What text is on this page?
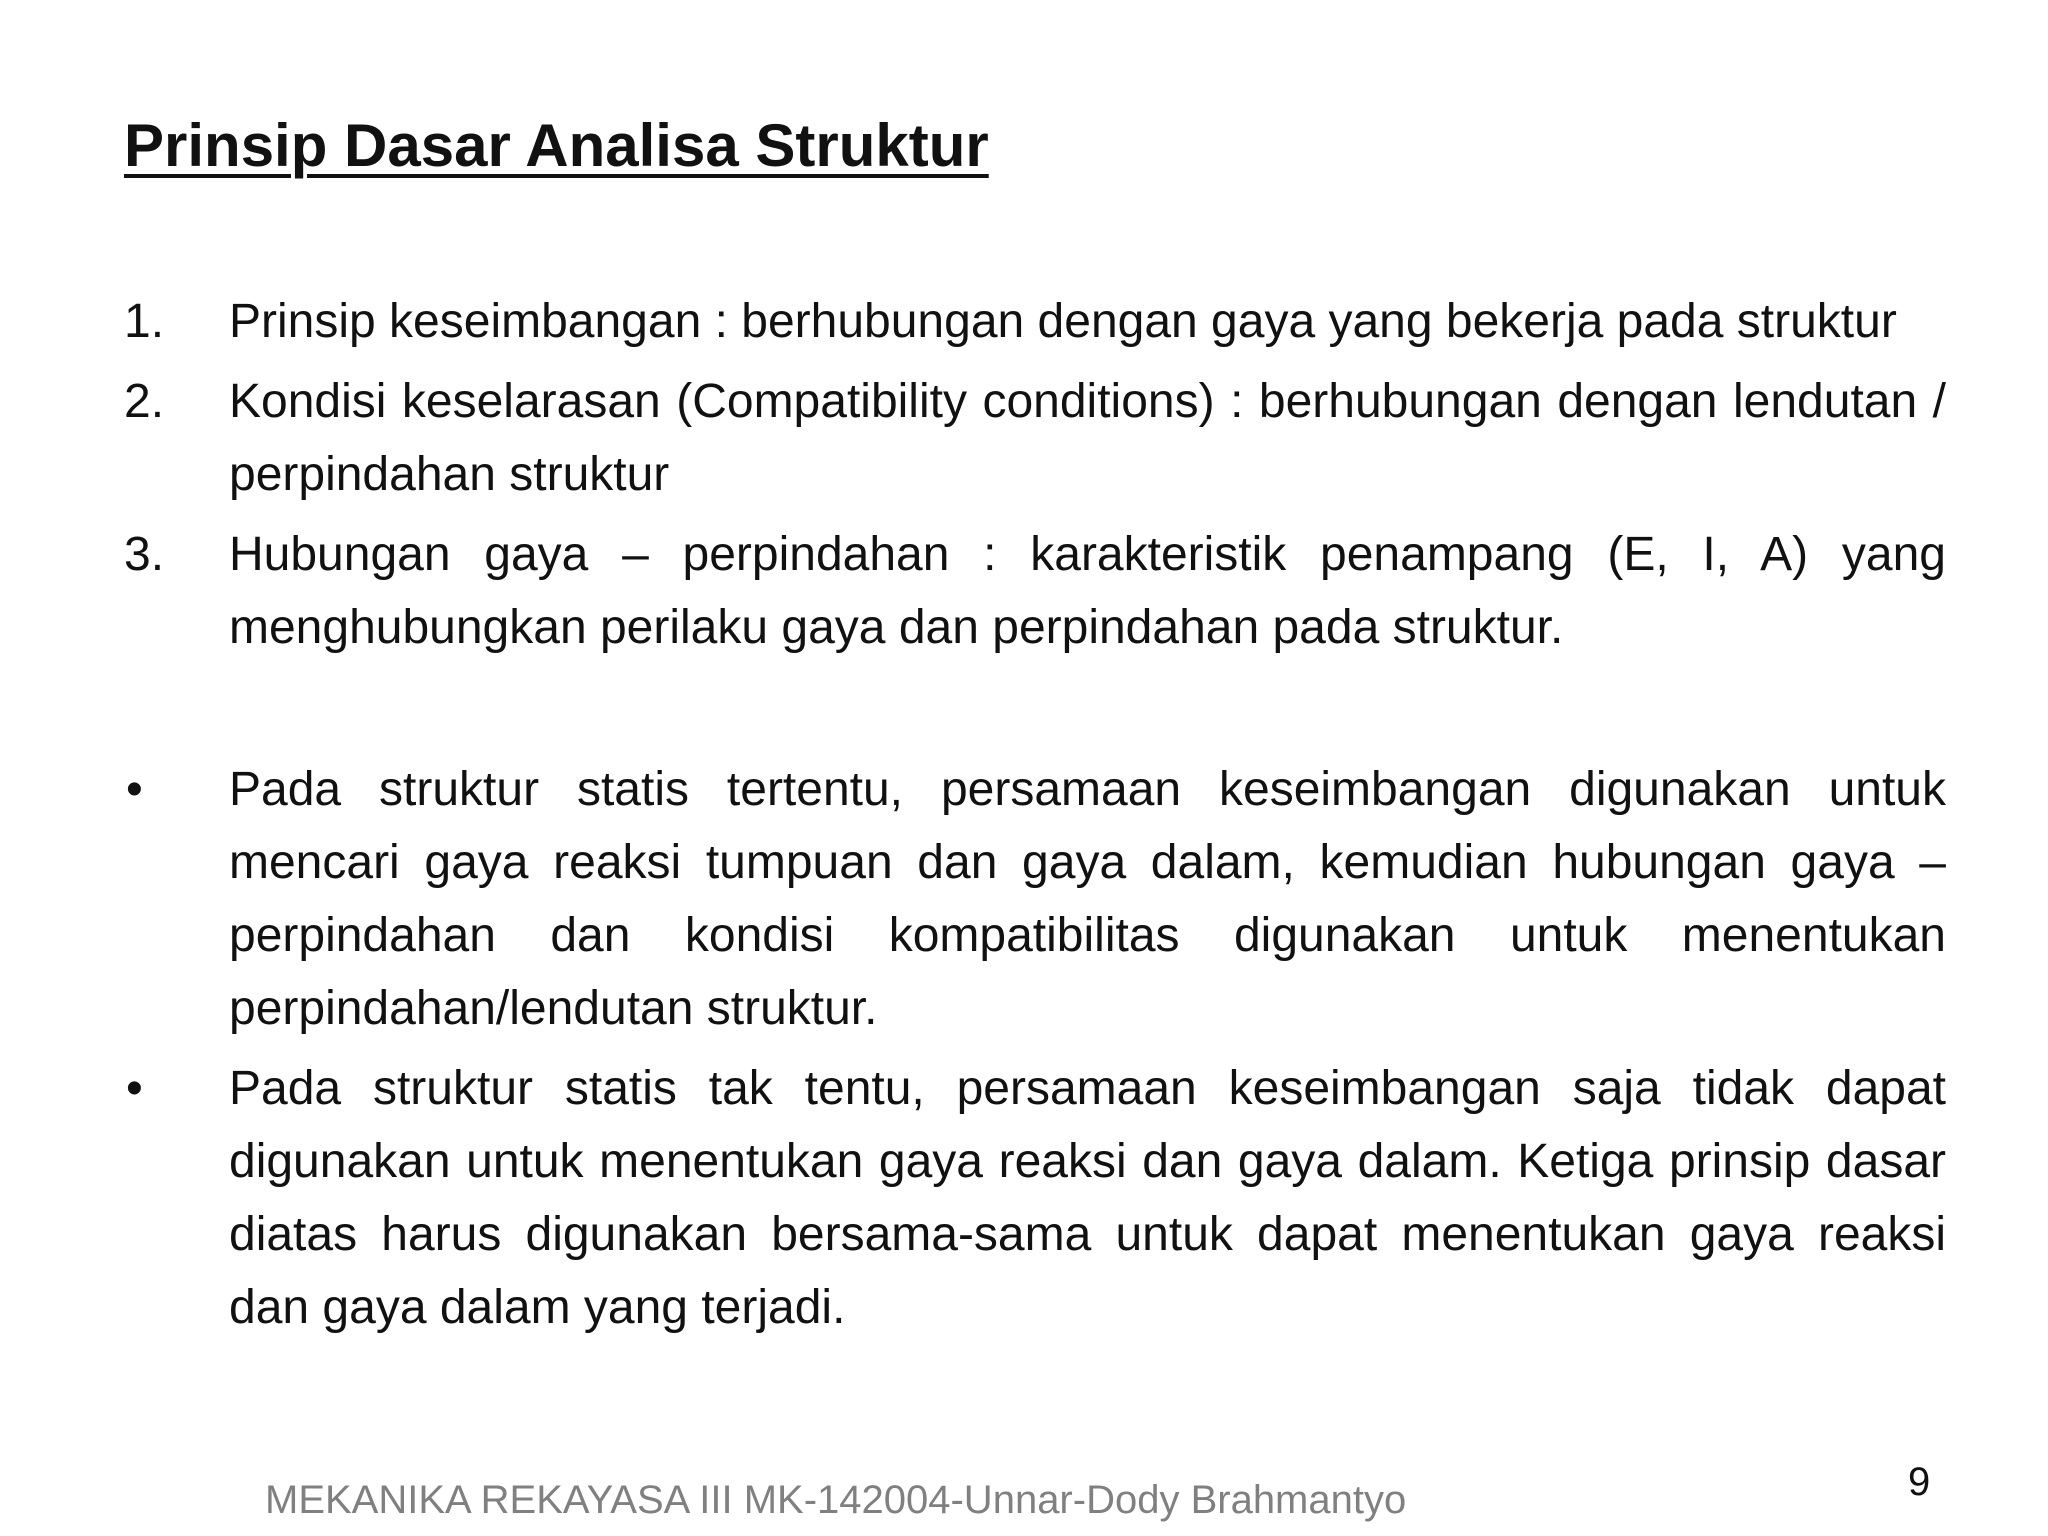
Prinsip Dasar Analisa Struktur
1.	Prinsip keseimbangan : berhubungan dengan gaya yang bekerja pada struktur
2.	Kondisi keselarasan (Compatibility conditions) : berhubungan dengan lendutan / perpindahan struktur
3.	Hubungan gaya – perpindahan : karakteristik penampang (E, I, A) yang menghubungkan perilaku gaya dan perpindahan pada struktur.
•	Pada struktur statis tertentu, persamaan keseimbangan digunakan untuk mencari gaya reaksi tumpuan dan gaya dalam, kemudian hubungan gaya – perpindahan dan kondisi kompatibilitas digunakan untuk menentukan perpindahan/lendutan struktur.
•	Pada struktur statis tak tentu, persamaan keseimbangan saja tidak dapat digunakan untuk menentukan gaya reaksi dan gaya dalam. Ketiga prinsip dasar diatas harus digunakan bersama-sama untuk dapat menentukan gaya reaksi dan gaya dalam yang terjadi.
9
MEKANIKA REKAYASA III MK-142004-Unnar-Dody Brahmantyo
